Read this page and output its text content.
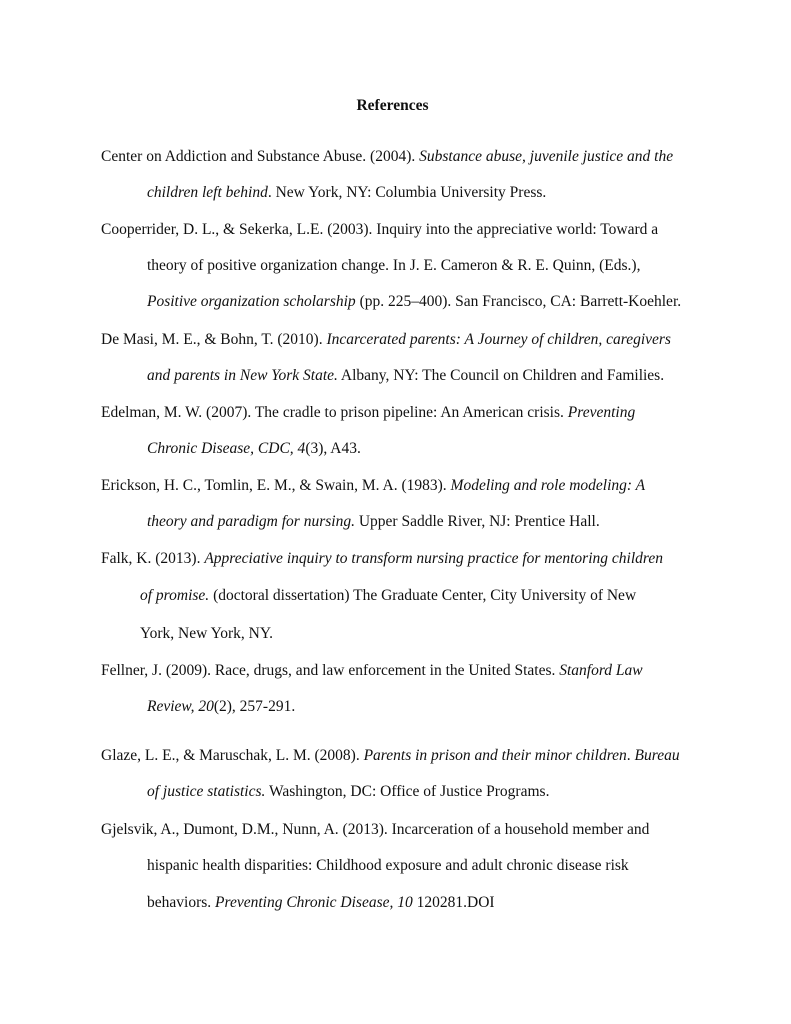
References
Center on Addiction and Substance Abuse. (2004). Substance abuse, juvenile justice and the
children left behind. New York, NY: Columbia University Press.
Cooperrider, D. L., & Sekerka, L.E. (2003). Inquiry into the appreciative world: Toward a
theory of positive organization change. In J. E. Cameron & R. E. Quinn, (Eds.),
Positive organization scholarship (pp. 225–400). San Francisco, CA: Barrett-Koehler.
De Masi, M. E., & Bohn, T. (2010). Incarcerated parents: A Journey of children, caregivers
and parents in New York State. Albany, NY: The Council on Children and Families.
Edelman, M. W. (2007). The cradle to prison pipeline: An American crisis. Preventing
Chronic Disease, CDC, 4(3), A43.
Erickson, H. C., Tomlin, E. M., & Swain, M. A. (1983). Modeling and role modeling: A
theory and paradigm for nursing. Upper Saddle River, NJ: Prentice Hall.
Falk, K. (2013). Appreciative inquiry to transform nursing practice for mentoring children
of promise. (doctoral dissertation) The Graduate Center, City University of New
York, New York, NY.
Fellner, J. (2009). Race, drugs, and law enforcement in the United States. Stanford Law
Review, 20(2), 257-291.
Glaze, L. E., & Maruschak, L. M. (2008). Parents in prison and their minor children. Bureau
of justice statistics. Washington, DC: Office of Justice Programs.
Gjelsvik, A., Dumont, D.M., Nunn, A. (2013). Incarceration of a household member and
hispanic health disparities: Childhood exposure and adult chronic disease risk
behaviors. Preventing Chronic Disease, 10 120281.DOI
